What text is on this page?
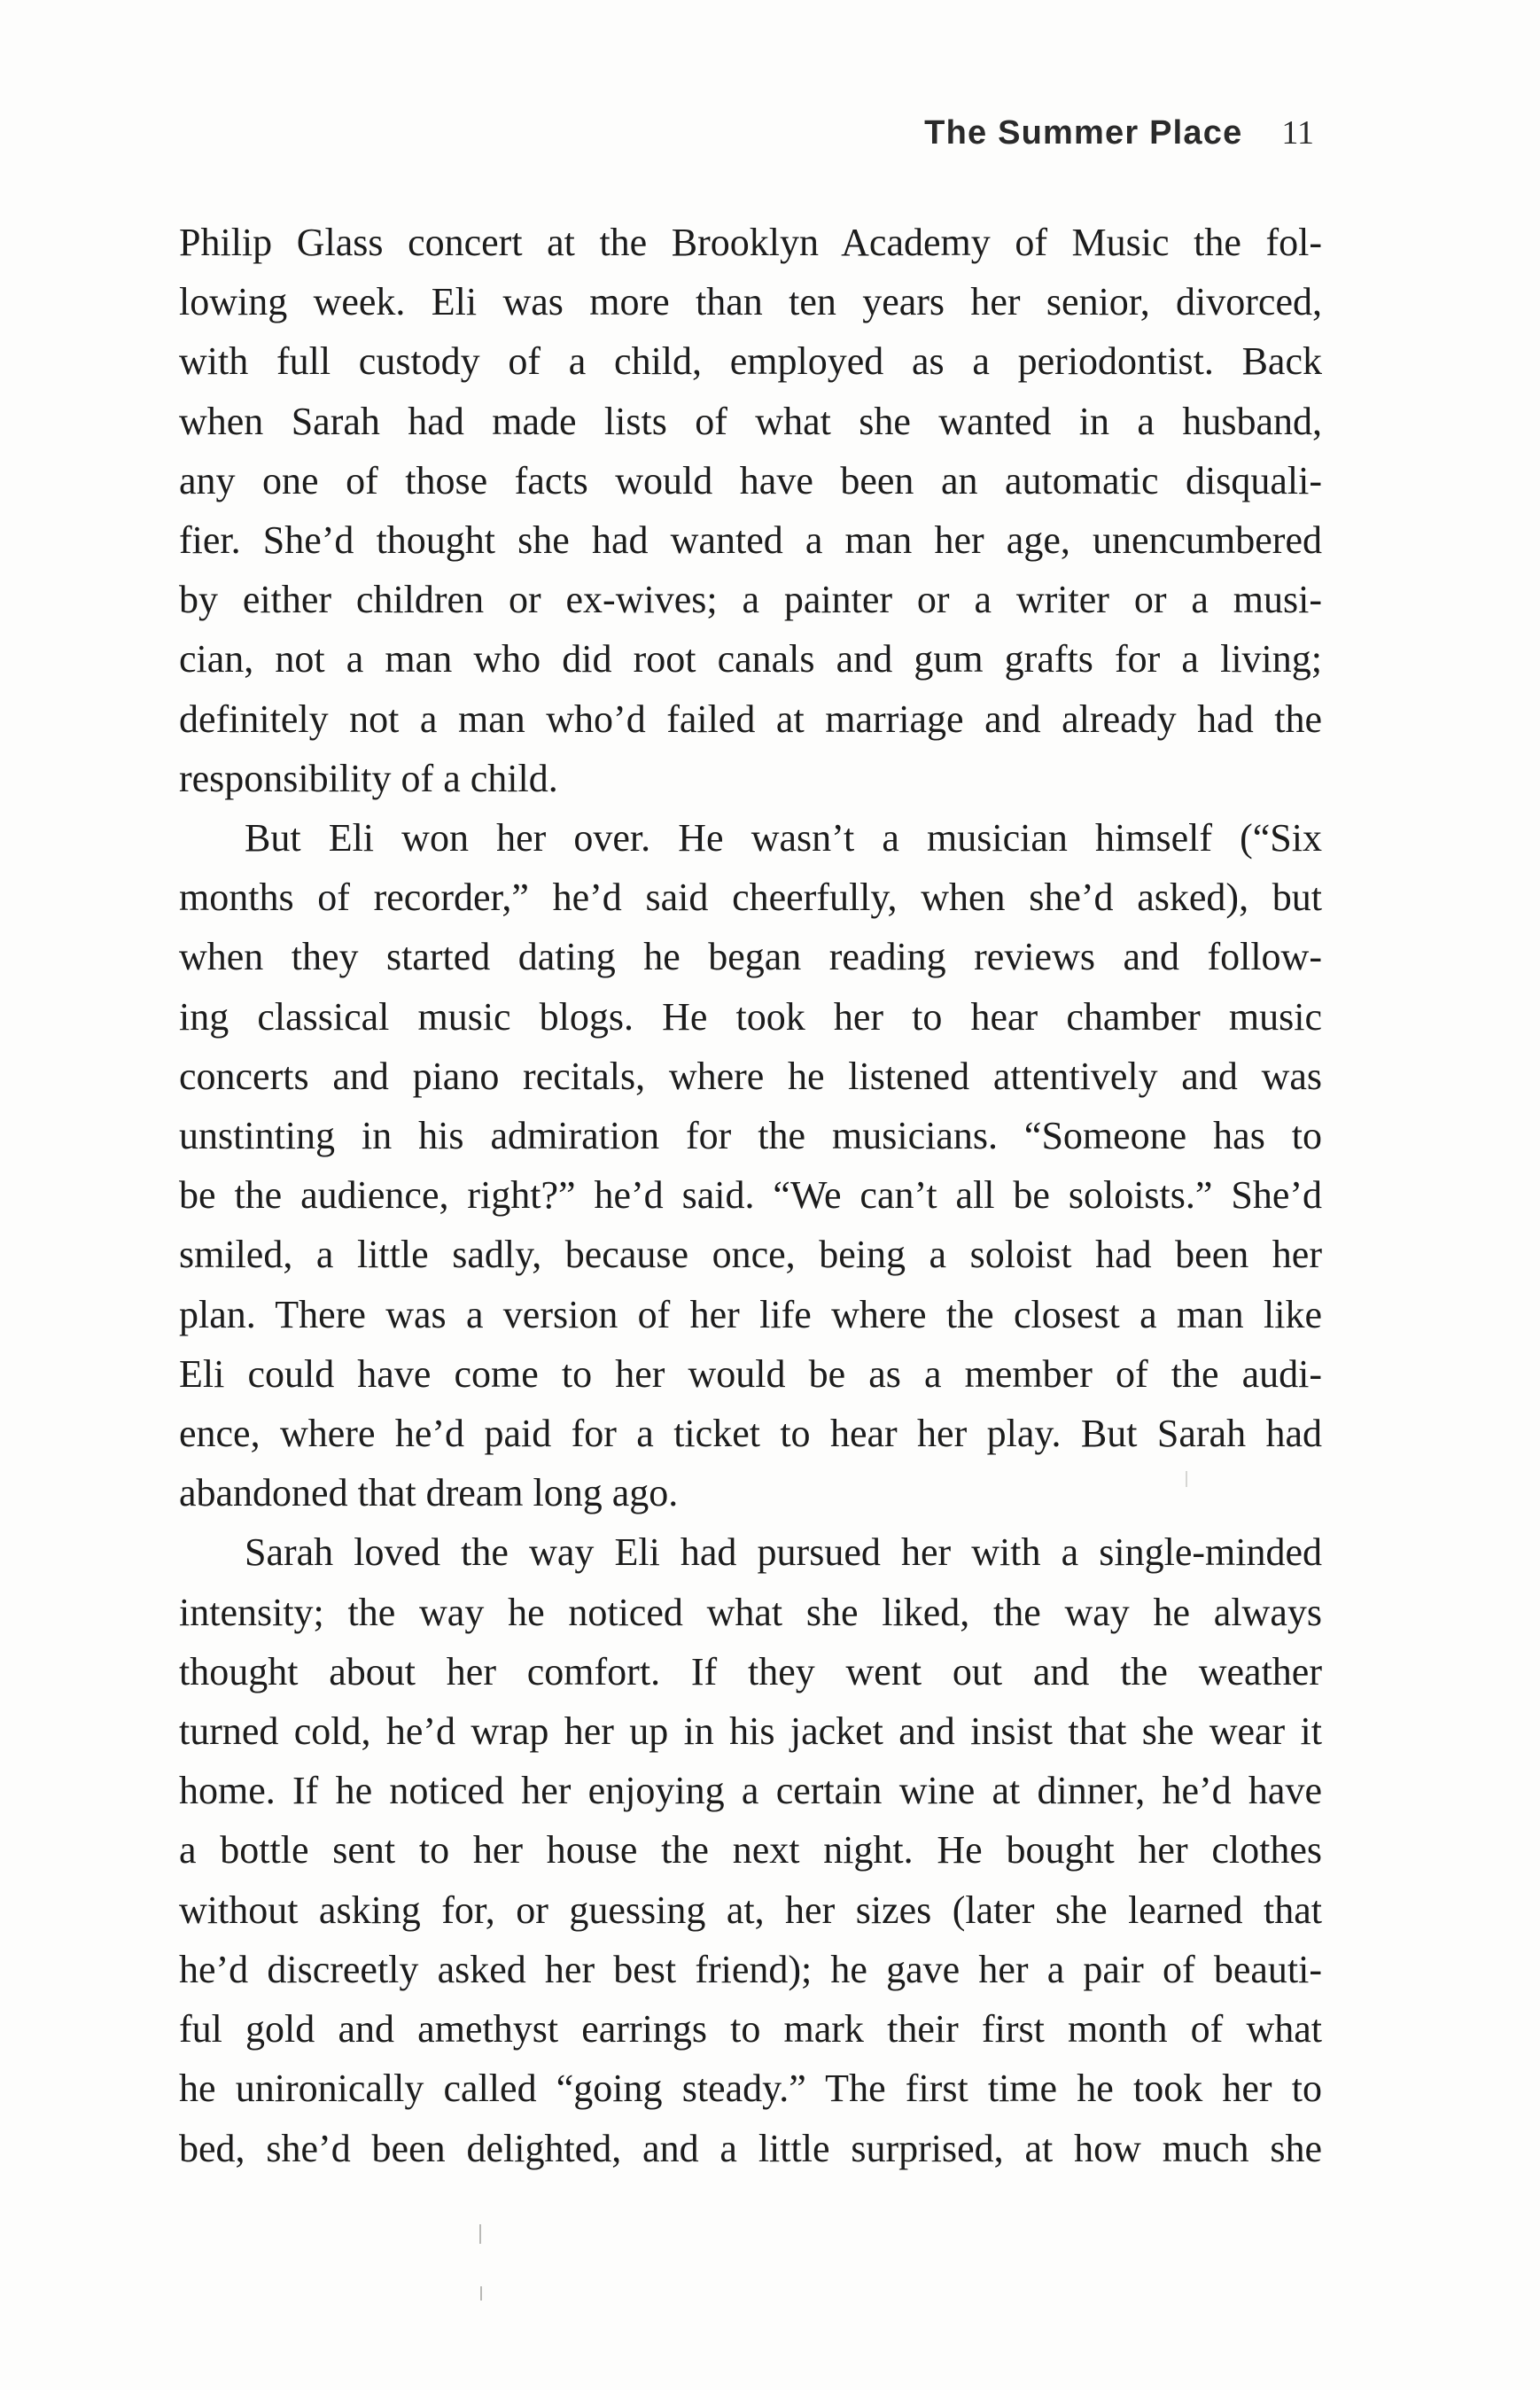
The Summer Place 11

Philip Glass concert at the Brooklyn Academy of Music the fol-
lowing week. Eli was more than ten years her senior, divorced,
with full custody of a child, employed as a periodontist. Back
when Sarah had made lists of what she wanted in a husband,
any one of those facts would have been an automatic disquali-
fier. She’d thought she had wanted a man her age, unencumbered
by either children or ex-wives; a painter or a writer or a musi-
cian, not a man who did root canals and gum grafts for a living;
definitely not a man who’d failed at marriage and already had the
responsibility of a child.

But Eli won her over. He wasn’t a musician himself (“Six
months of recorder,” he’d said cheerfully, when she’d asked), but
when they started dating he began reading reviews and follow-
ing classical music blogs. He took her to hear chamber music
concerts and piano recitals, where he listened attentively and was
unstinting in his admiration for the musicians. “Someone has to
be the audience, right?” he’d said. “We can’t all be soloists.” She’d
smiled, a little sadly, because once, being a soloist had been her
plan. There was a version of her life where the closest a man like
Eli could have come to her would be as a member of the audi-
ence, where he’d paid for a ticket to hear her play. But Sarah had
abandoned that dream long ago.

Sarah loved the way Eli had pursued her with a single-minded
intensity; the way he noticed what she liked, the way he always
thought about her comfort. If they went out and the weather
turned cold, he’d wrap her up in his jacket and insist that she wear it
home. If he noticed her enjoying a certain wine at dinner, he’d have
a bottle sent to her house the next night. He bought her clothes
without asking for, or guessing at, her sizes (later she learned that
he’d discreetly asked her best friend); he gave her a pair of beauti-
ful gold and amethyst earrings to mark their first month of what
he unironically called “going steady.” The first time he took her to
bed, she’d been delighted, and a little surprised, at how much she
